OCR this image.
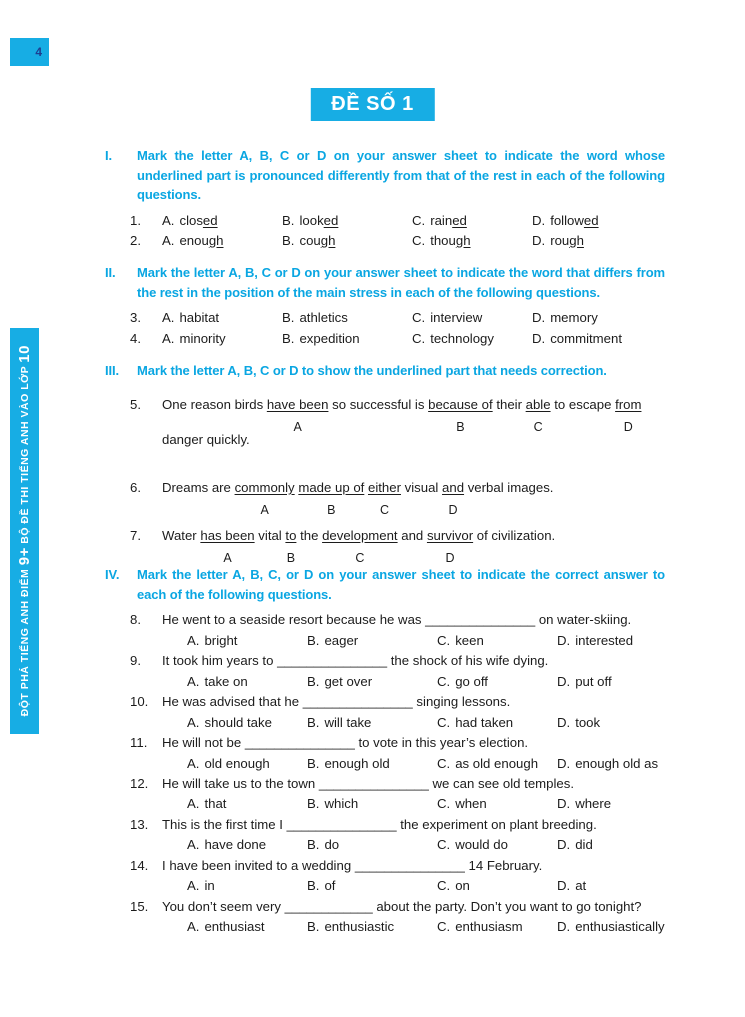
4
ĐỘT PHÁ TIẾNG ANH ĐIỂM 9+ BỘ ĐỀ THI TIẾNG ANH VÀO LỚP 10
ĐỀ SỐ 1
I.	Mark the letter A, B, C or D on your answer sheet to indicate the word whose underlined part is pronounced differently from that of the rest in each of the following questions.
1.	A. closed	B. looked	C. rained	D. followed
2.	A. enough	B. cough	C. though	D. rough
II.	Mark the letter A, B, C or D on your answer sheet to indicate the word that differs from the rest in the position of the main stress in each of the following questions.
3.	A. habitat	B. athletics	C. interview	D. memory
4.	A. minority	B. expedition	C. technology	D. commitment
III.	Mark the letter A, B, C or D to show the underlined part that needs correction.
5.	One reason birds have been
A
so successful is because of
B
their able
C
to escape from
D
danger quickly.
6.	Dreams are commonly
A
made up of
B
either
C
visual and
D
verbal images.
7.	Water has been
A
vital to
B
the development
C
and survivor
D
of civilization.
IV.	Mark the letter A, B, C, or D on your answer sheet to indicate the correct answer to each of the following questions.
8.	He went to a seaside resort because he was _______________ on water-skiing.
A. bright	B. eager	C. keen	D. interested
9.	It took him years to _______________ the shock of his wife dying.
A. take on	B. get over	C. go off	D. put off
10.	He was advised that he _______________ singing lessons.
A. should take	B. will take	C. had taken	D. took
11.	He will not be _______________ to vote in this year’s election.
A. old enough	B. enough old	C. as old enough	D. enough old as
12.	He will take us to the town _______________ we can see old temples.
A. that	B. which	C. when	D. where
13.	This is the first time I _______________ the experiment on plant breeding.
A. have done	B. do	C. would do	D. did
14.	I have been invited to a wedding _______________ 14 February.
A. in	B. of	C. on	D. at
15.	You don’t seem very ____________ about the party. Don’t you want to go tonight?
A. enthusiast	B. enthusiastic	C. enthusiasm	D. enthusiastically
